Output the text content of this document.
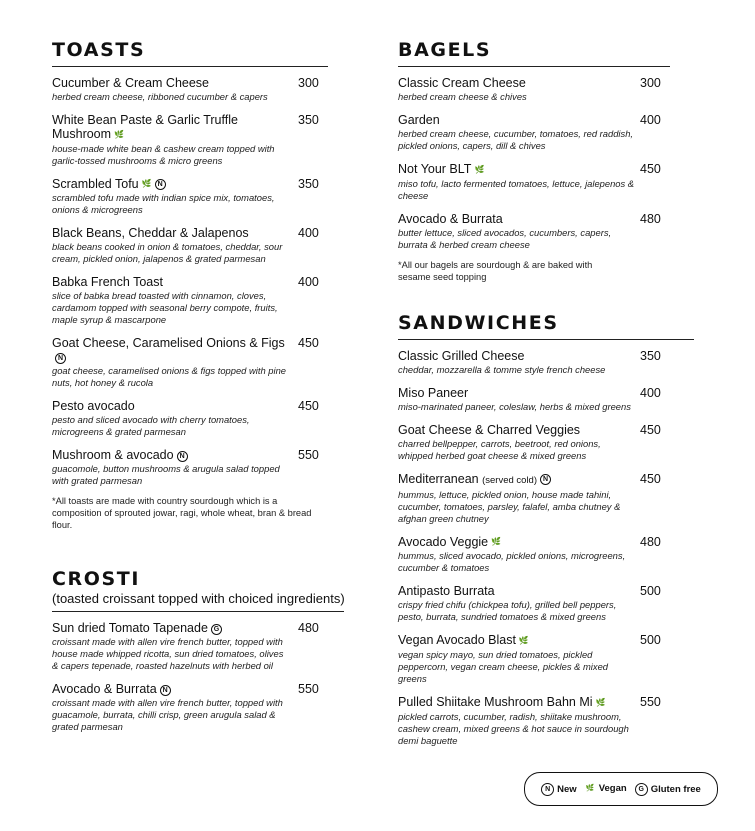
TOASTS
Cucumber & Cream Cheese
herbed cream cheese, ribboned cucumber & capers
300
White Bean Paste & Garlic Truffle Mushroom 🌿
house-made white bean & cashew cream topped with garlic-tossed mushrooms & micro greens
350
Scrambled Tofu 🌿 N
scrambled tofu made with indian spice mix, tomatoes, onions & microgreens
350
Black Beans, Cheddar & Jalapenos
black beans cooked in onion & tomatoes, cheddar, sour cream, pickled onion, jalapenos & grated parmesan
400
Babka French Toast
slice of babka bread toasted with cinnamon, cloves, cardamom topped with seasonal berry compote, fruits, maple syrup & mascarpone
400
Goat Cheese, Caramelised Onions & FigsN
goat cheese, caramelised onions & figs topped with pine nuts, hot honey & rucola
450
Pesto avocado
pesto and sliced avocado with cherry tomatoes, microgreens & grated parmesan
450
Mushroom & avocado N
guacomole, button mushrooms & arugula salad topped with grated parmesan
550
*All toasts are made with country sourdough which is a composition of sprouted jowar, ragi, whole wheat, bran & bread flour.
CROSTI
(toasted croissant topped with choiced ingredients)
Sun dried Tomato Tapenade G
croissant made with allen vire french butter, topped with house made whipped ricotta, sun dried tomatoes, olives & capers tepenade, roasted hazelnuts with herbed oil
480
Avocado & Burrata N
croissant made with allen vire french butter, topped with guacamole, burrata, chilli crisp, green arugula salad & grated parmesan
550
BAGELS
Classic Cream Cheese
herbed cream cheese & chives
300
Garden
herbed cream cheese, cucumber, tomatoes, red raddish, pickled onions, capers, dill & chives
400
Not Your BLT 🌿
miso tofu, lacto fermented tomatoes, lettuce, jalepenos & cheese
450
Avocado & Burrata
butter lettuce, sliced avocados, cucumbers, capers, burrata & herbed cream cheese
480
*All our bagels are sourdough & are baked with sesame seed topping
SANDWICHES
Classic Grilled Cheese
cheddar, mozzarella & tomme style french cheese
350
Miso Paneer
miso-marinated paneer, coleslaw, herbs & mixed greens
400
Goat Cheese & Charred Veggies
charred bellpepper, carrots, beetroot, red onions, whipped herbed goat cheese & mixed greens
450
Mediterranean (served cold) N
hummus, lettuce, pickled onion, house made tahini, cucumber, tomatoes, parsley, falafel, amba chutney & afghan green chutney
450
Avocado Veggie 🌿
hummus, sliced avocado, pickled onions, microgreens, cucumber & tomatoes
480
Antipasto Burrata
crispy fried chifu (chickpea tofu), grilled bell peppers, pesto, burrata, sundried tomatoes & mixed greens
500
Vegan Avocado Blast 🌿
vegan spicy mayo, sun dried tomatoes, pickled peppercorn, vegan cream cheese, pickles & mixed greens
500
Pulled Shiitake Mushroom Bahn Mi 🌿
pickled carrots, cucumber, radish, shiitake mushroom, cashew cream, mixed greens & hot sauce in sourdough demi baguette
550
N New 🌿 Vegan	G Gluten free
